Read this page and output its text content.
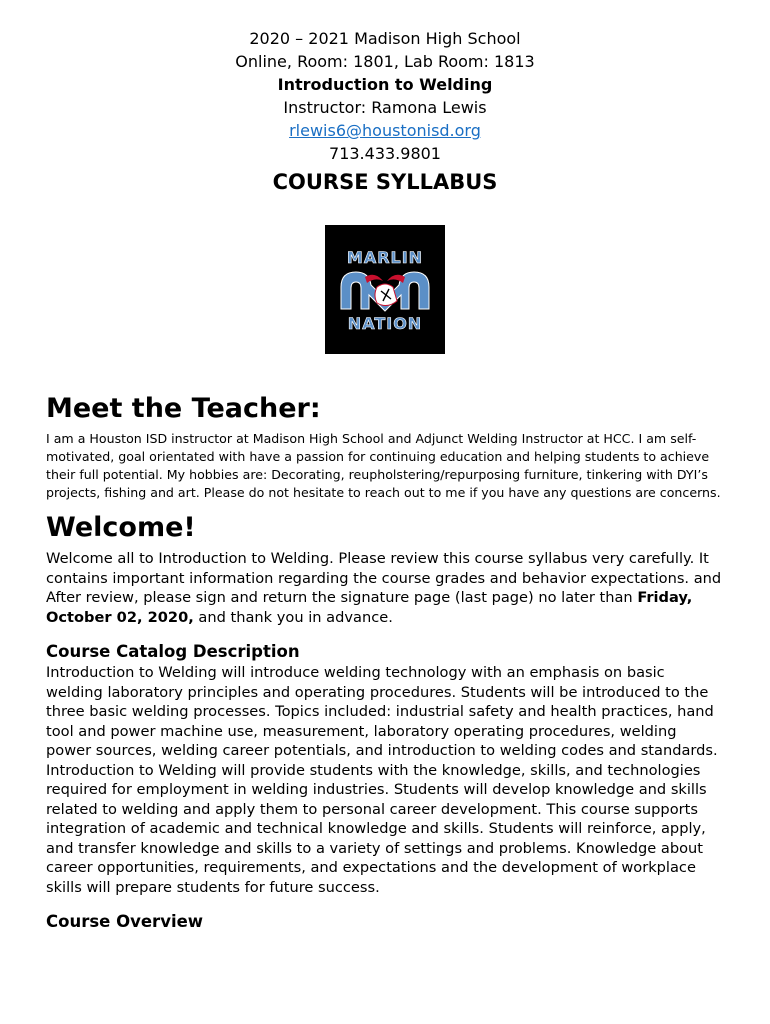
2020 – 2021 Madison High School

Online, Room: 1801, Lab Room: 1813

Introduction to Welding

Instructor: Ramona Lewis

rlewis6@houstonisd.org

713.433.9801

COURSE SYLLABUS
MARLIN
NATION
Meet the Teacher:

I am a Houston ISD instructor at Madison High School and Adjunct Welding Instructor at HCC. I am self-motivated, goal orientated with have a passion for continuing education and helping students to achieve their full potential. My hobbies are: Decorating, reupholstering/repurposing furniture, tinkering with DYI’s projects, fishing and art. Please do not hesitate to reach out to me if you have any questions are concerns.

Welcome!

Welcome all to Introduction to Welding. Please review this course syllabus very carefully. It contains important information regarding the course grades and behavior expectations. and After review, please sign and return the signature page (last page) no later than Friday, October 02, 2020, and thank you in advance.

Course Catalog Description

Introduction to Welding will introduce welding technology with an emphasis on basic welding laboratory principles and operating procedures. Students will be introduced to the three basic welding processes. Topics included: industrial safety and health practices, hand tool and power machine use, measurement, laboratory operating procedures, welding power sources, welding career potentials, and introduction to welding codes and standards. Introduction to Welding will provide students with the knowledge, skills, and technologies required for employment in welding industries. Students will develop knowledge and skills related to welding and apply them to personal career development. This course supports integration of academic and technical knowledge and skills. Students will reinforce, apply, and transfer knowledge and skills to a variety of settings and problems. Knowledge about career opportunities, requirements, and expectations and the development of workplace skills will prepare students for future success.

Course Overview
